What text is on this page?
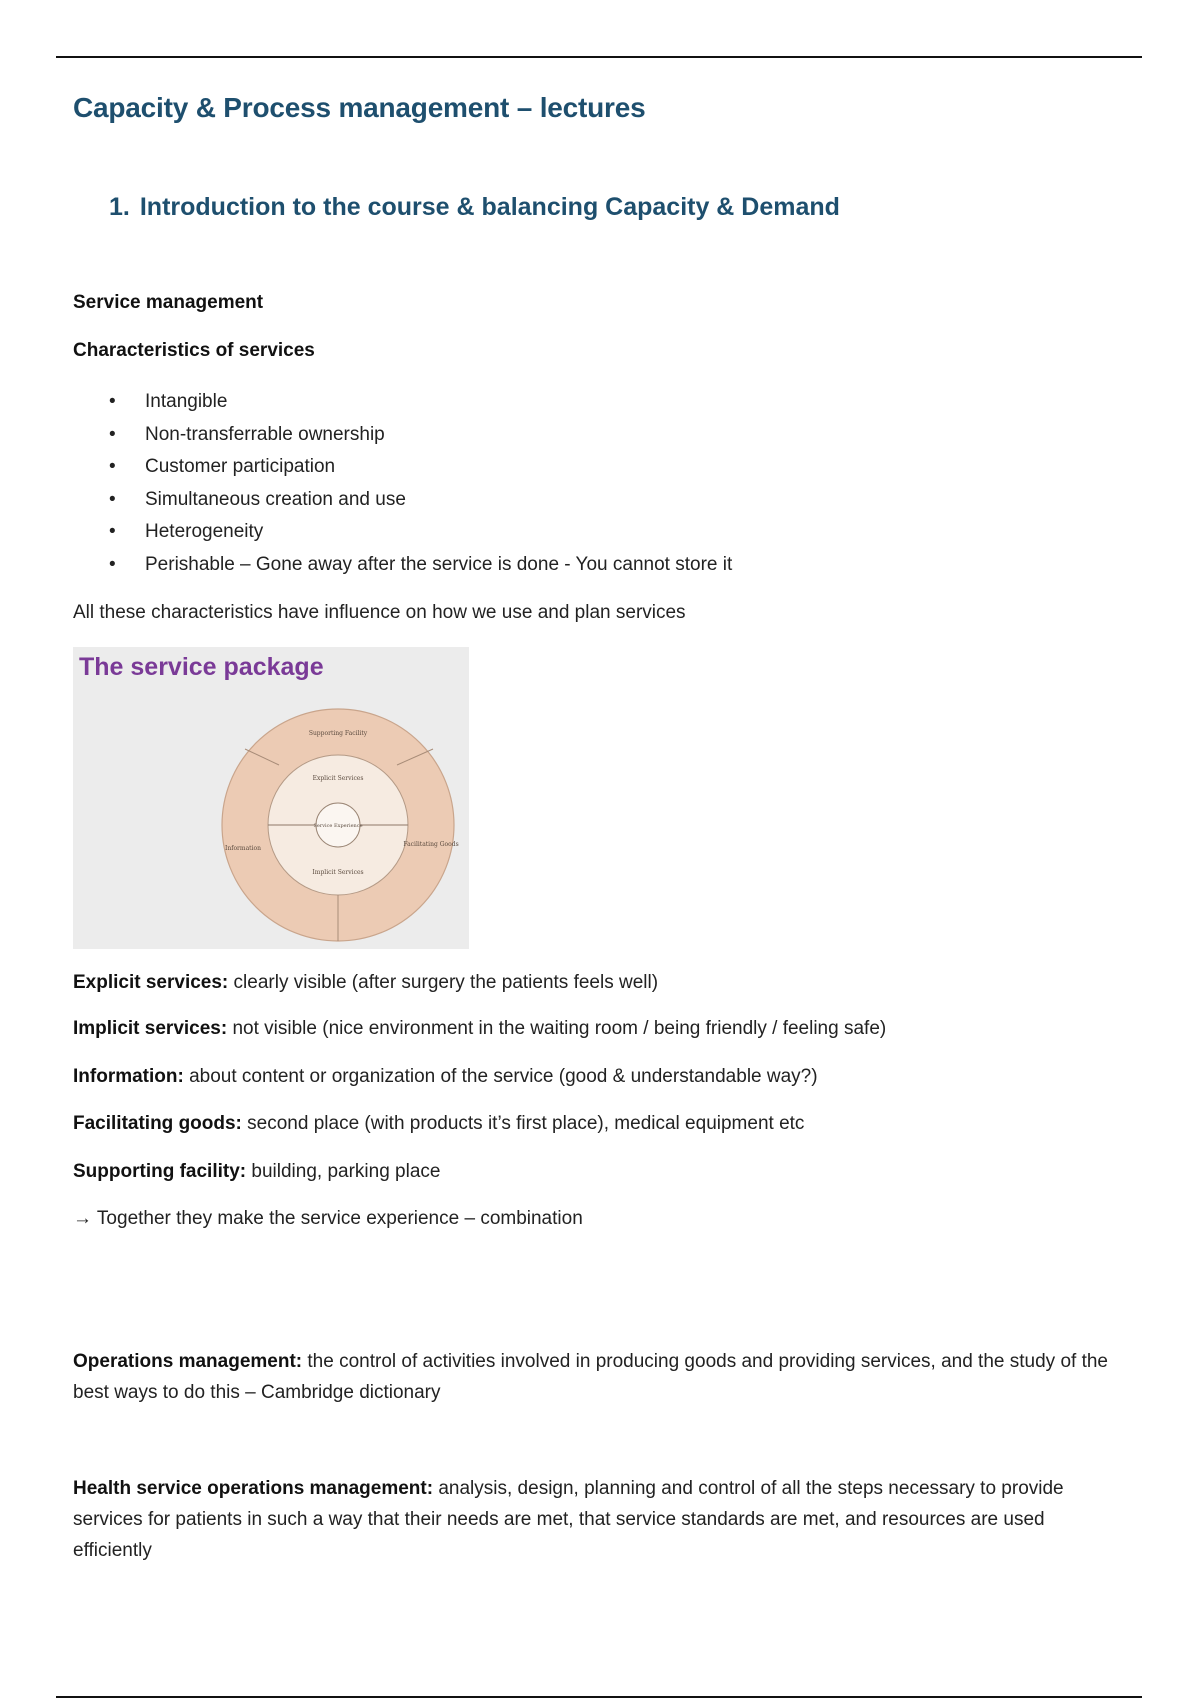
Capacity & Process management – lectures
1. Introduction to the course & balancing Capacity & Demand

Service management

Characteristics of services

• Intangible
• Non-transferrable ownership
• Customer participation
• Simultaneous creation and use
• Heterogeneity
• Perishable – Gone away after the service is done - You cannot store it

All these characteristics have influence on how we use and plan services

Supporting Facility
Information
Facilitating Goods
Explicit Services
Implicit Services
Service Experience

The service package

Explicit services: clearly visible (after surgery the patients feels well)

Implicit services: not visible (nice environment in the waiting room / being friendly / feeling safe)

Information: about content or organization of the service (good & understandable way?)

Facilitating goods: second place (with products it’s first place), medical equipment etc

Supporting facility: building, parking place

→ Together they make the service experience – combination

Operations management: the control of activities involved in producing goods and providing services, and the study of the best ways to do this – Cambridge dictionary

Health service operations management: analysis, design, planning and control of all the steps necessary to provide services for patients in such a way that their needs are met, that service standards are met, and resources are used efficiently
